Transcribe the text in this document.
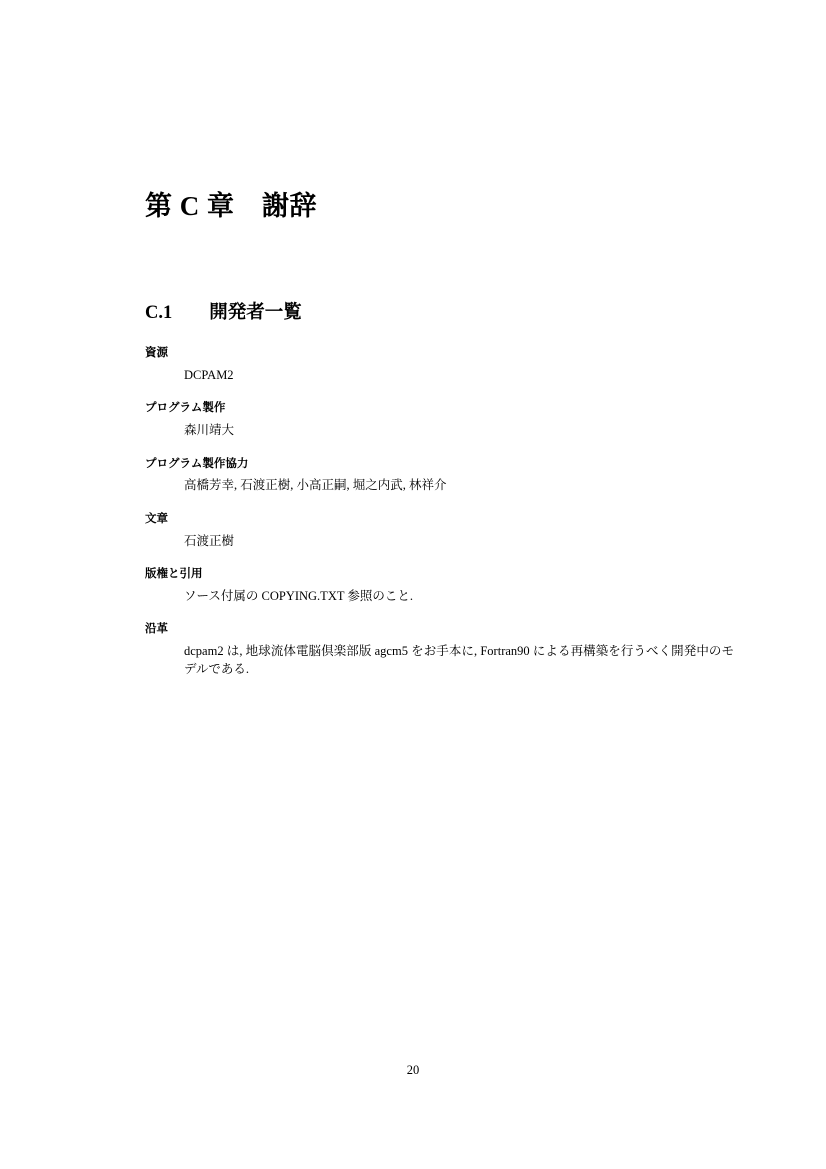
第 C 章　謝辞
C.1　　 開発者一覧
資源
DCPAM2
プログラム製作
森川靖大
プログラム製作協力
高橋芳幸, 石渡正樹, 小高正嗣, 堀之内武, 林祥介
文章
石渡正樹
版権と引用
ソース付属の COPYING.TXT 参照のこと.
沿革
dcpam2 は, 地球流体電脳倶楽部版 agcm5 をお手本に, Fortran90 による再構築を行うべく開発中のモデルである.
20
